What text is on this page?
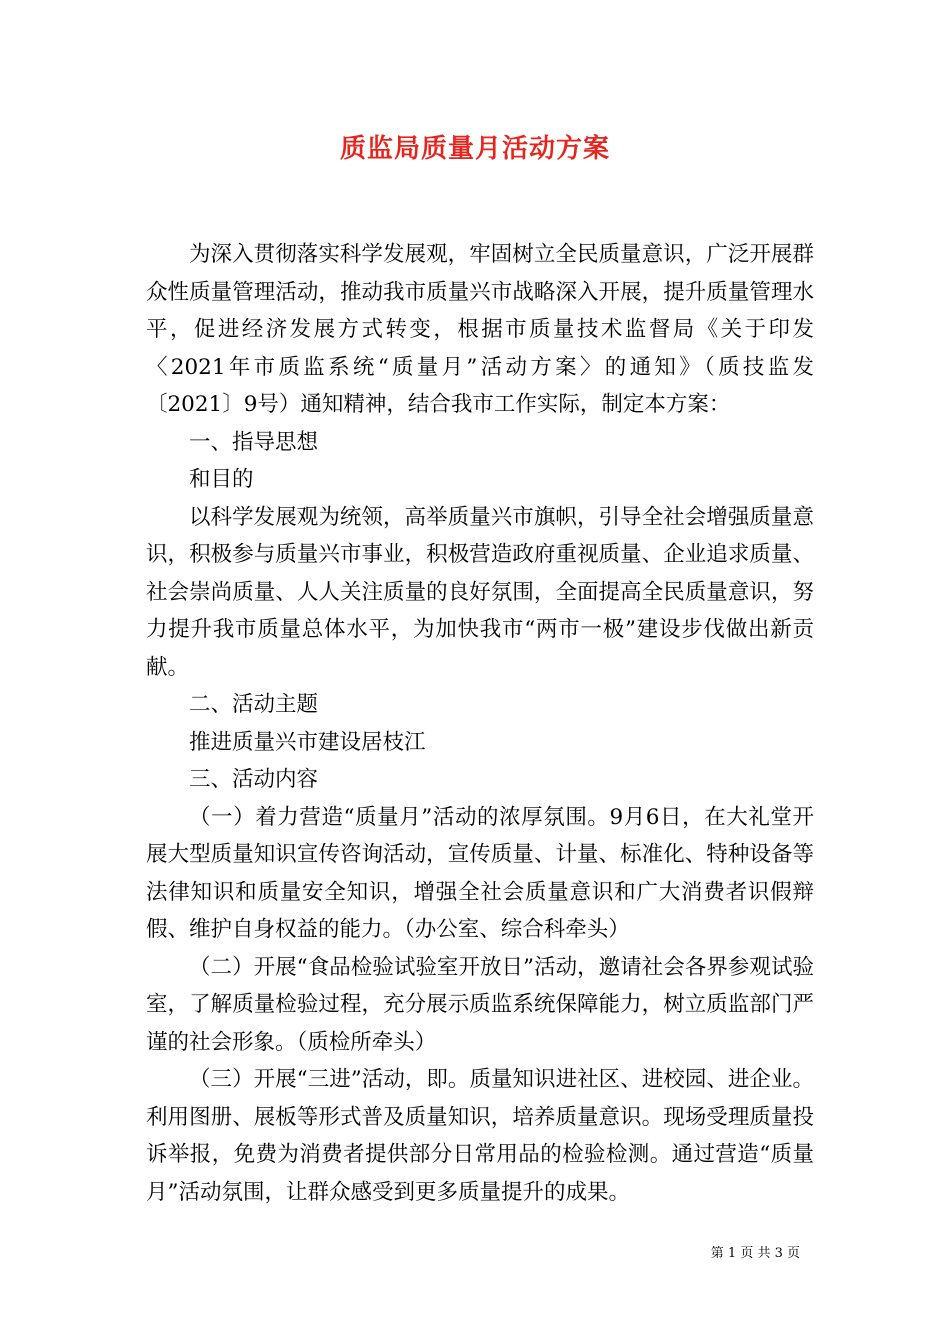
质监局质量月活动方案

为深入贯彻落实科学发展观，牢固树立全民质量意识，广泛开展群众性质量管理活动，推动我市质量兴市战略深入开展，提升质量管理水平，促进经济发展方式转变，根据市质量技术监督局《关于印发〈2021年市质监系统“质量月”活动方案〉的通知》（质技监发〔2021〕9号）通知精神，结合我市工作实际，制定本方案：

一、指导思想

和目的

以科学发展观为统领，高举质量兴市旗帜，引导全社会增强质量意识，积极参与质量兴市事业，积极营造政府重视质量、企业追求质量、社会崇尚质量、人人关注质量的良好氛围，全面提高全民质量意识，努力提升我市质量总体水平，为加快我市“两市一极”建设步伐做出新贡献。

二、活动主题

推进质量兴市建设居枝江

三、活动内容

（一）着力营造“质量月”活动的浓厚氛围。9月6日，在大礼堂开展大型质量知识宣传咨询活动，宣传质量、计量、标准化、特种设备等法律知识和质量安全知识，增强全社会质量意识和广大消费者识假辩假、维护自身权益的能力。（办公室、综合科牵头）

（二）开展“食品检验试验室开放日”活动，邀请社会各界参观试验室，了解质量检验过程，充分展示质监系统保障能力，树立质监部门严谨的社会形象。（质检所牵头）

（三）开展“三进”活动，即。质量知识进社区、进校园、进企业。利用图册、展板等形式普及质量知识，培养质量意识。现场受理质量投诉举报，免费为消费者提供部分日常用品的检验检测。通过营造“质量月”活动氛围，让群众感受到更多质量提升的成果。

第 1 页 共 3 页
